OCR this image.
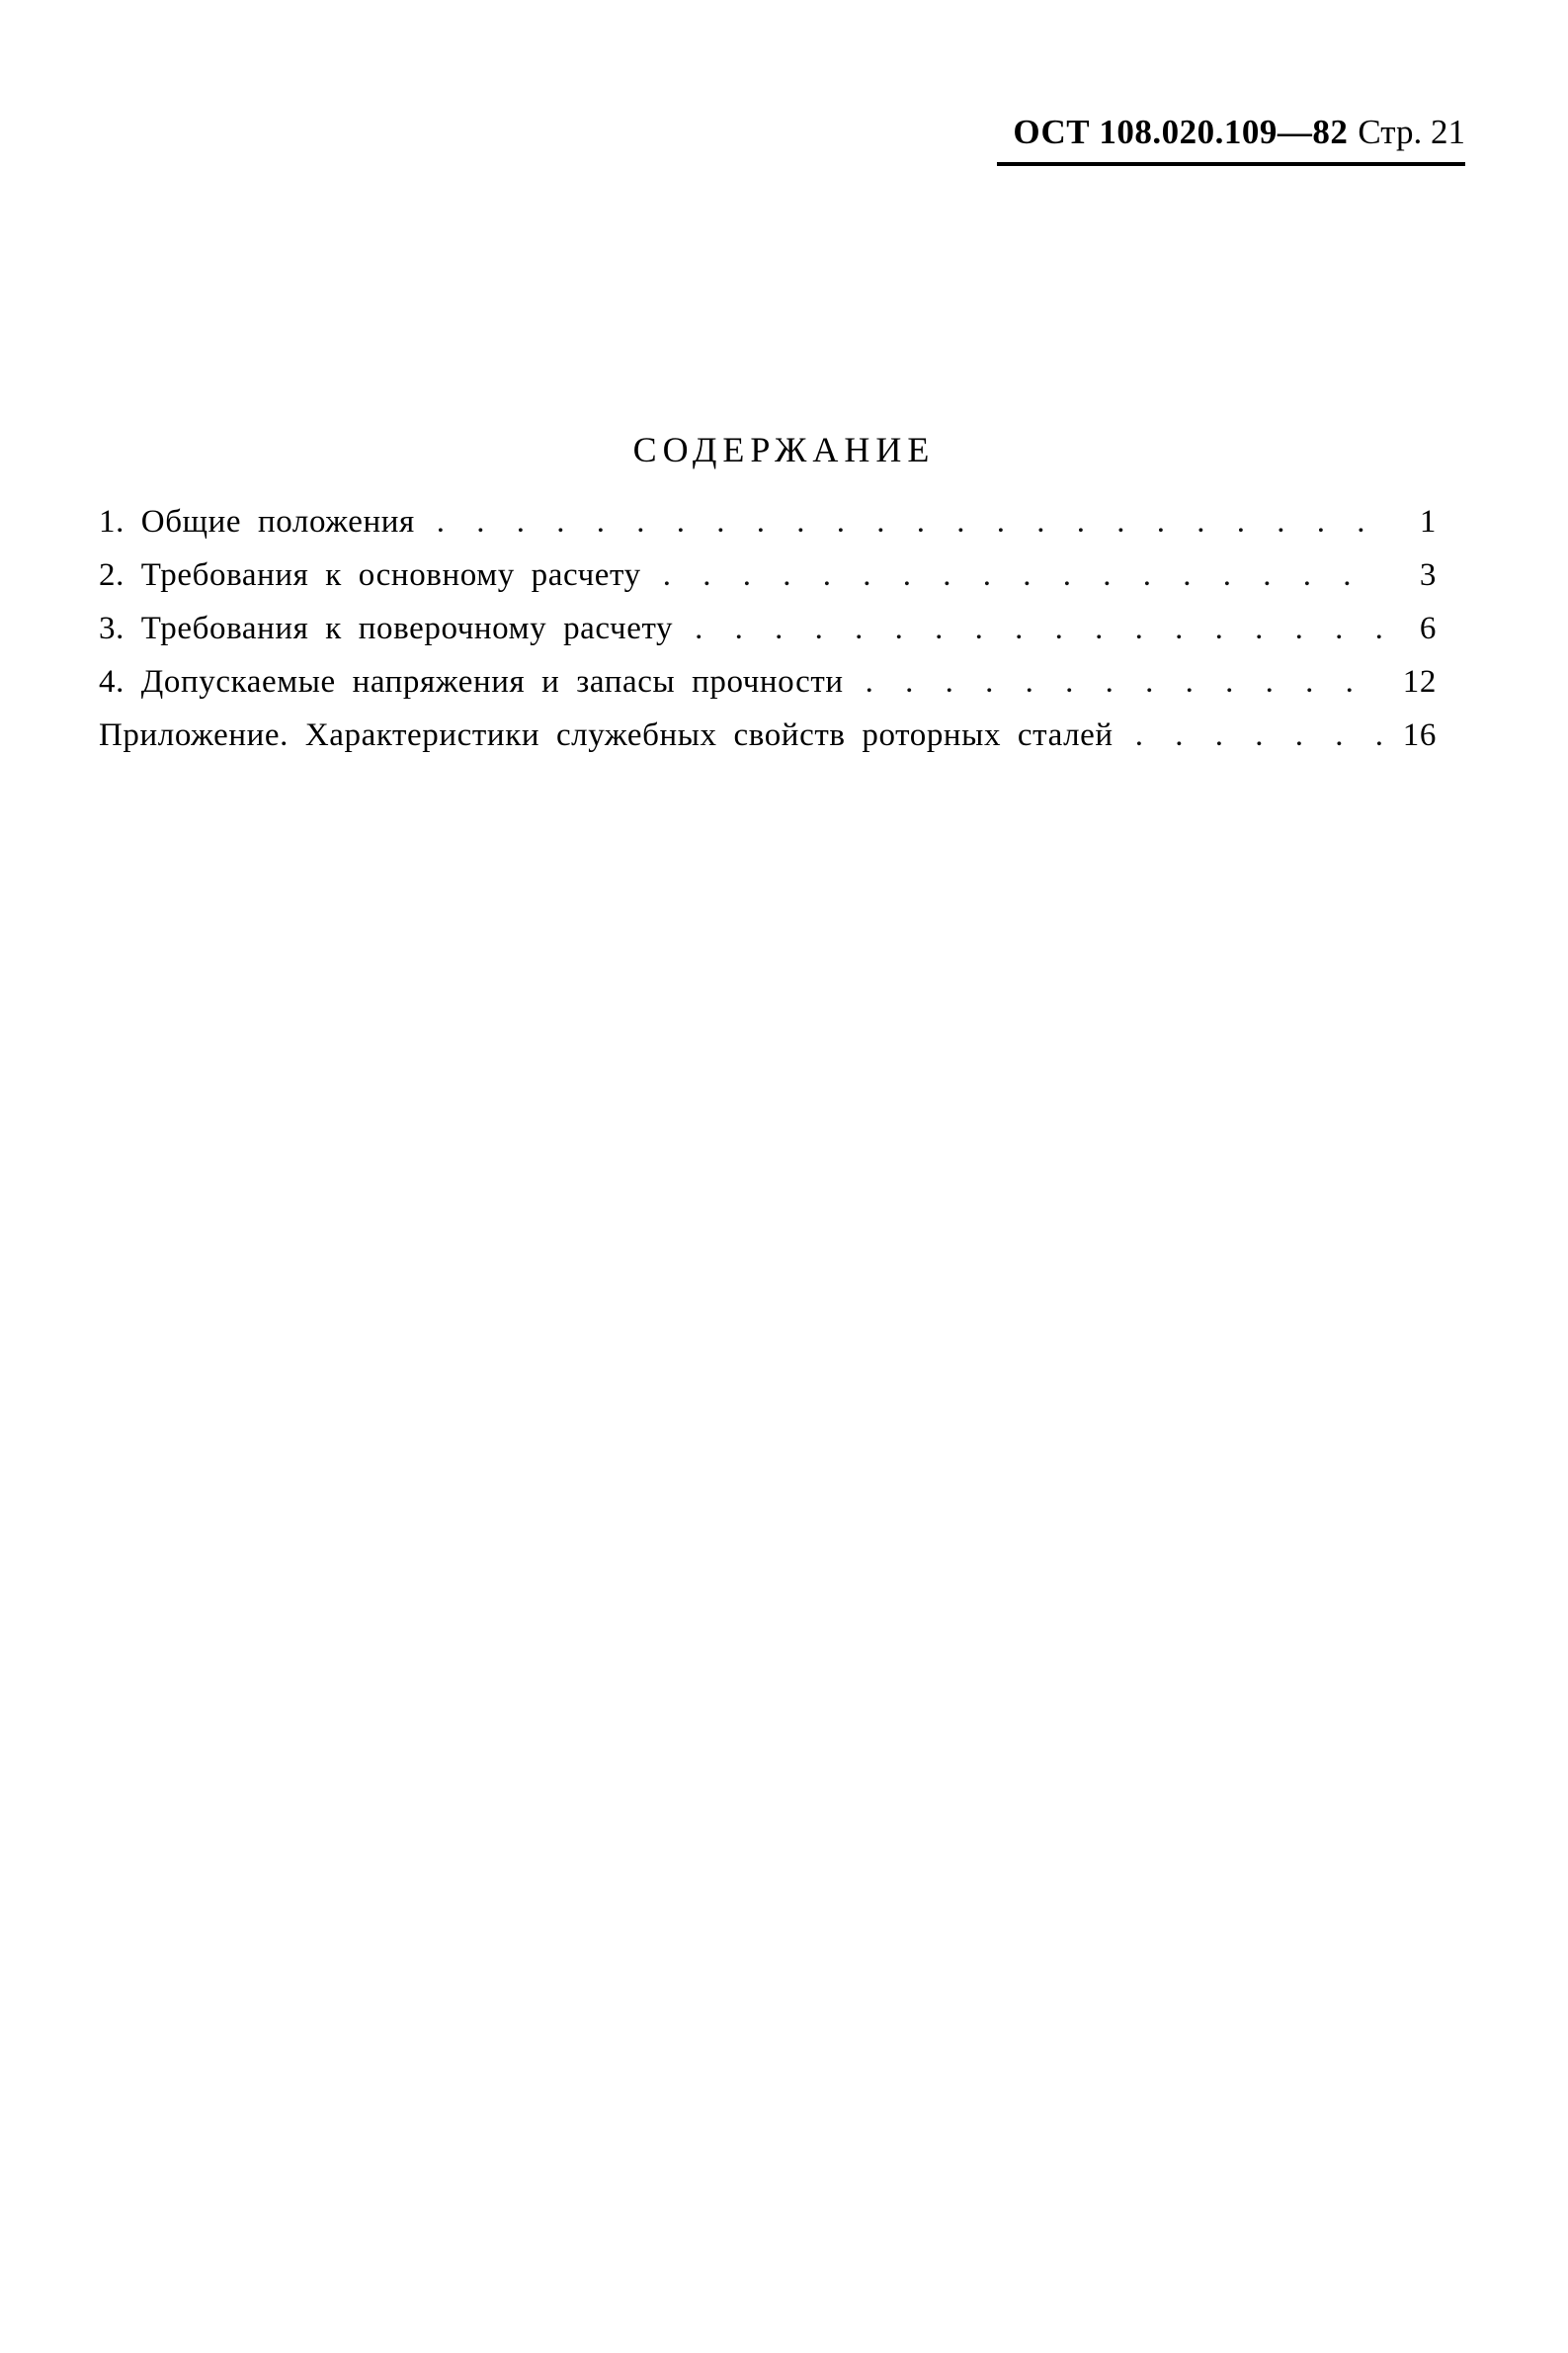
ОСТ 108.020.109—82 Стр. 21
СОДЕРЖАНИЕ
1. Общие положения . . .	1
2. Требования к основному расчету . . .	3
3. Требования к поверочному расчету . . .	6
4. Допускаемые напряжения и запасы прочности . . .	12
Приложение. Характеристики служебных свойств роторных сталей . . .	16
